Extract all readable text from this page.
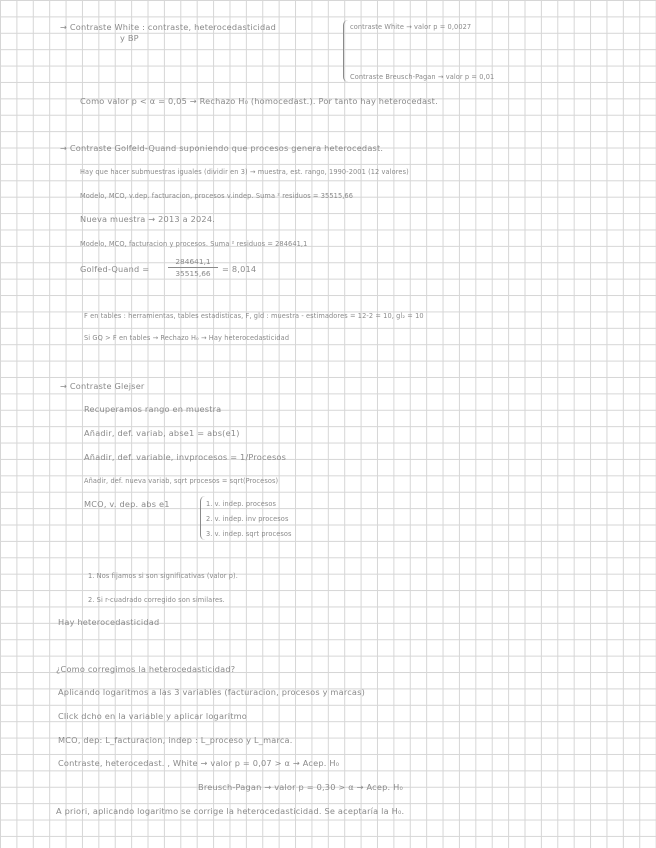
→ Contraste White : contraste, heterocedasticidad
y BP
contraste White → valor p = 0,0027
Contraste Breusch-Pagan → valor p = 0,01
Como valor p < α = 0,05 → Rechazo H₀ (homocedast.). Por tanto hay heterocedast.
→ Contraste Golfeld-Quand suponiendo que procesos genera heterocedast.
Hay que hacer submuestras iguales (dividir en 3) → muestra, est. rango, 1990-2001 (12 valores)
Modelo, MCO, v.dep. facturacion, procesos v.indep. Suma ² residuos = 35515,66
Nueva muestra → 2013 a 2024.
Modelo, MCO, facturacion y procesos. Suma ² residuos = 284641,1
Golfed-Quand =
284641,1
35515,66	= 8,014
F en tables : herramientas, tables estadisticas, F, gld : muestra - estimadores = 12-2 = 10, gl₂ = 10
Si GQ > F en tables → Rechazo H₀ → Hay heterocedasticidad
→ Contraste Glejser
Recuperamos rango en muestra
Añadir, def. variab, abse1 = abs(e1)
Añadir, def. variable, invprocesos = 1/Procesos
Añadir, def. nueva variab, sqrt procesos = sqrt(Procesos)
MCO, v. dep. abs e1	1. v. indep. procesos
2. v. indep. inv procesos
3. v. indep. sqrt procesos
1. Nos fijamos si son significativas (valor p).
2. Si r-cuadrado corregido son similares.
Hay heterocedasticidad
¿Como corregimos la heterocedasticidad?
Aplicando logaritmos a las 3 variables (facturacion, procesos y marcas)
Click dcho en la variable y aplicar logaritmo
MCO, dep: L_facturacion, indep : L_proceso y L_marca.
Contraste, heterocedast. , White → valor p = 0,07 > α → Acep. H₀
Breusch-Pagan → valor p = 0,30 > α → Acep. H₀
A priori, aplicando logaritmo se corrige la heterocedasticidad. Se aceptaría la H₀.
